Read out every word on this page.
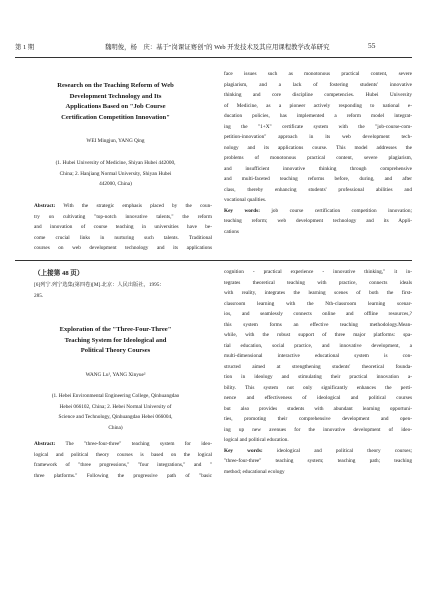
第 1 期	魏明俊，杨　庆：基于"岗课证赛创"的 Web 开发技术及其应用课程教学改革研究	55
Research on the Teaching Reform of Web
Development Technology and Its
Applications Based on "Job Course
Certification Competition Innovation"
WEI Mingjun, YANG Qing
(1. Hubei University of Medicine, Shiyan Hubei 442000,
China; 2. Hanjiang Normal University, Shiyan Hubei
442000, China)
Abstract: With the strategic emphasis placed by the coun-
try on cultivating "top-notch innovative talents," the reform
and innovation of course teaching in universities have be-
come crucial links in nurturing such talents. Traditional
courses on web development technology and its applications
face issues such as monotonous practical content, severe
plagiarism, and a lack of fostering students' innovative
thinking and core discipline competencies. Hubei University
of Medicine, as a pioneer actively responding to national e-
ducation policies, has implemented a reform model integrat-
ing the "1+X" certificate system with the "job-course-com-
petition-innovation" approach in its web development tech-
nology and its applications course. This model addresses the
problems of monotonous practical content, severe plagiarism,
and insufficient innovative thinking through comprehensive
and multi-faceted teaching reforms before, during, and after
class, thereby enhancing students' professional abilities and
vocational qualities.
Key words: job course certification competition innovation;
teaching reform; web development technology and its Appli-
cations
（上接第 48 页）
[6]列宁.列宁选集(第四卷)[M].北京：人民出版社，1995：
285.
Exploration of the "Three-Four-Three"
Teaching System for Ideological and
Political Theory Courses
WANG Lu¹, YANG Xinyue²
(1. Hebei Environmental Engineering College, Qinhuangdao
Hebei 066102, China; 2. Hebei Normal University of
Science and Technology, Qinhuangdao Hebei 066004,
China)
Abstract: The "three-four-three" teaching system for ideo-
logical and political theory courses is based on the logical
framework of "three progressions," "four integrations," and "
three platforms." Following the progressive path of "basic
cognition - practical experience - innovative thinking," it in-
tegrates theoretical teaching with practice, connects ideals
with reality, integrates the learning scenes of both the first-
classroom learning with the Nth-classroom learning scenar-
ios, and seamlessly connects online and offline resources,?
this system forms an effective teaching methodology.Mean-
while, with the robust support of three major platforms: spa-
tial education, social practice, and innovative development, a
multi-dimensional interactive educational system is con-
structed aimed at strengthening students' theoretical founda-
tion in ideology and stimulating their practical innovation a-
bility. This system not only significantly enhances the perti-
nence and effectiveness of ideological and political courses
but also provides students with abundant learning opportuni-
ties, promoting their comprehensive development and open-
ing up new avenues for the innovative development of ideo-
logical and political education.
Key words: ideological and political theory courses;
"three-four-three" teaching system; teaching path; teaching
method; educational ecology
